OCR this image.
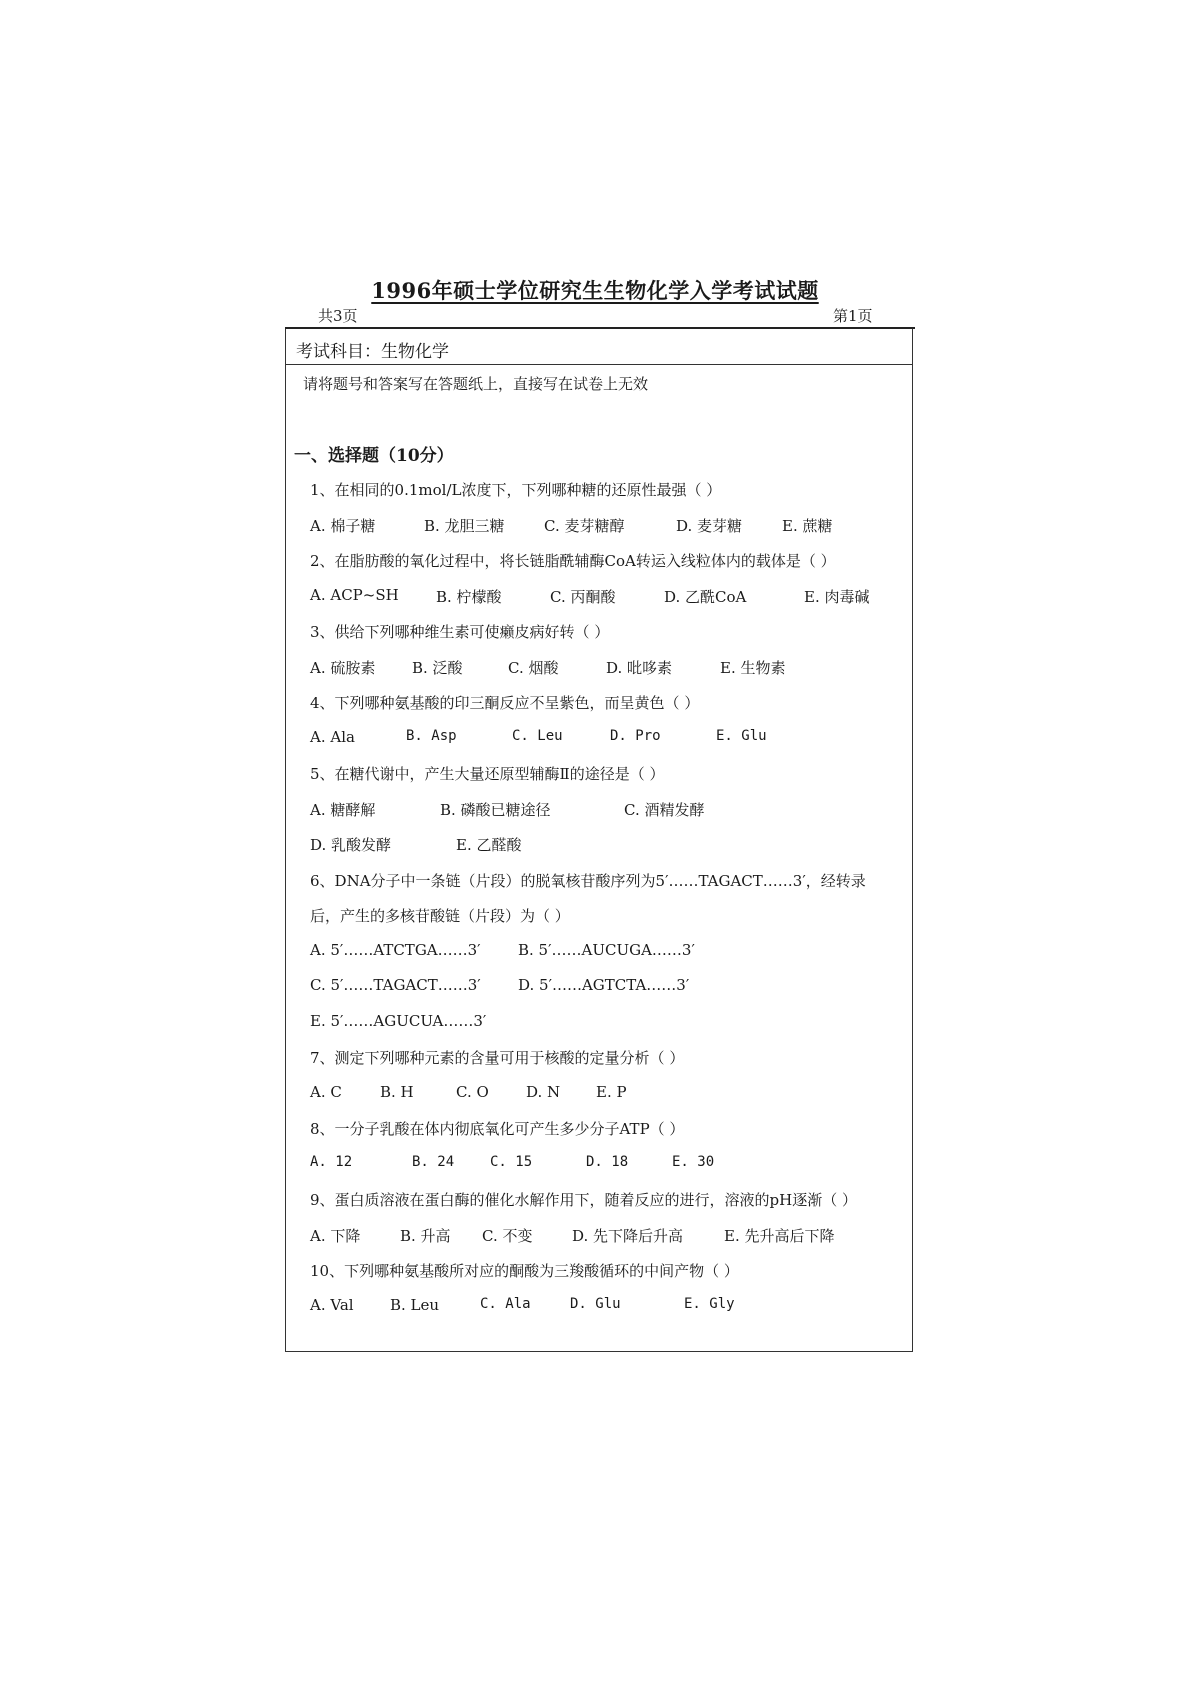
1996年硕士学位研究生生物化学入学考试试题
共3页	第1页
考试科目：生物化学
请将题号和答案写在答题纸上，直接写在试卷上无效
一、选择题（10分）
1、在相同的0.1mol/L浓度下，下列哪种糖的还原性最强（ ）
A. 棉子糖	B. 龙胆三糖	C. 麦芽糖醇	D. 麦芽糖	E. 蔗糖
2、在脂肪酸的氧化过程中，将长链脂酰辅酶CoA转运入线粒体内的载体是（ ）
A. ACP~SH	B. 柠檬酸	C. 丙酮酸	D. 乙酰CoA	E. 肉毒碱
3、供给下列哪种维生素可使癞皮病好转（ ）
A. 硫胺素	B. 泛酸	C. 烟酸	D. 吡哆素	E. 生物素
4、下列哪种氨基酸的印三酮反应不呈紫色，而呈黄色（ ）
A. Ala	B. Asp	C. Leu	D. Pro	E. Glu
5、在糖代谢中，产生大量还原型辅酶Ⅱ的途径是（ ）
A. 糖酵解	B. 磷酸已糖途径	C. 酒精发酵
D. 乳酸发酵	E. 乙醛酸
6、DNA分子中一条链（片段）的脱氧核苷酸序列为5′……TAGACT……3′，经转录
后，产生的多核苷酸链（片段）为（ ）
A. 5′……ATCTGA……3′	B. 5′……AUCUGA……3′
C. 5′……TAGACT……3′	D. 5′……AGTCTA……3′
E. 5′……AGUCUA……3′
7、测定下列哪种元素的含量可用于核酸的定量分析（ ）
A. C	B. H	C. O	D. N	E. P
8、一分子乳酸在体内彻底氧化可产生多少分子ATP（ ）
A. 12	B. 24	C. 15	D. 18	E. 30
9、蛋白质溶液在蛋白酶的催化水解作用下，随着反应的进行，溶液的pH逐渐（ ）
A. 下降	B. 升高	C. 不变	D. 先下降后升高	E. 先升高后下降
10、下列哪种氨基酸所对应的酮酸为三羧酸循环的中间产物（ ）
A. Val	B. Leu	C. Ala	D. Glu	E. Gly
